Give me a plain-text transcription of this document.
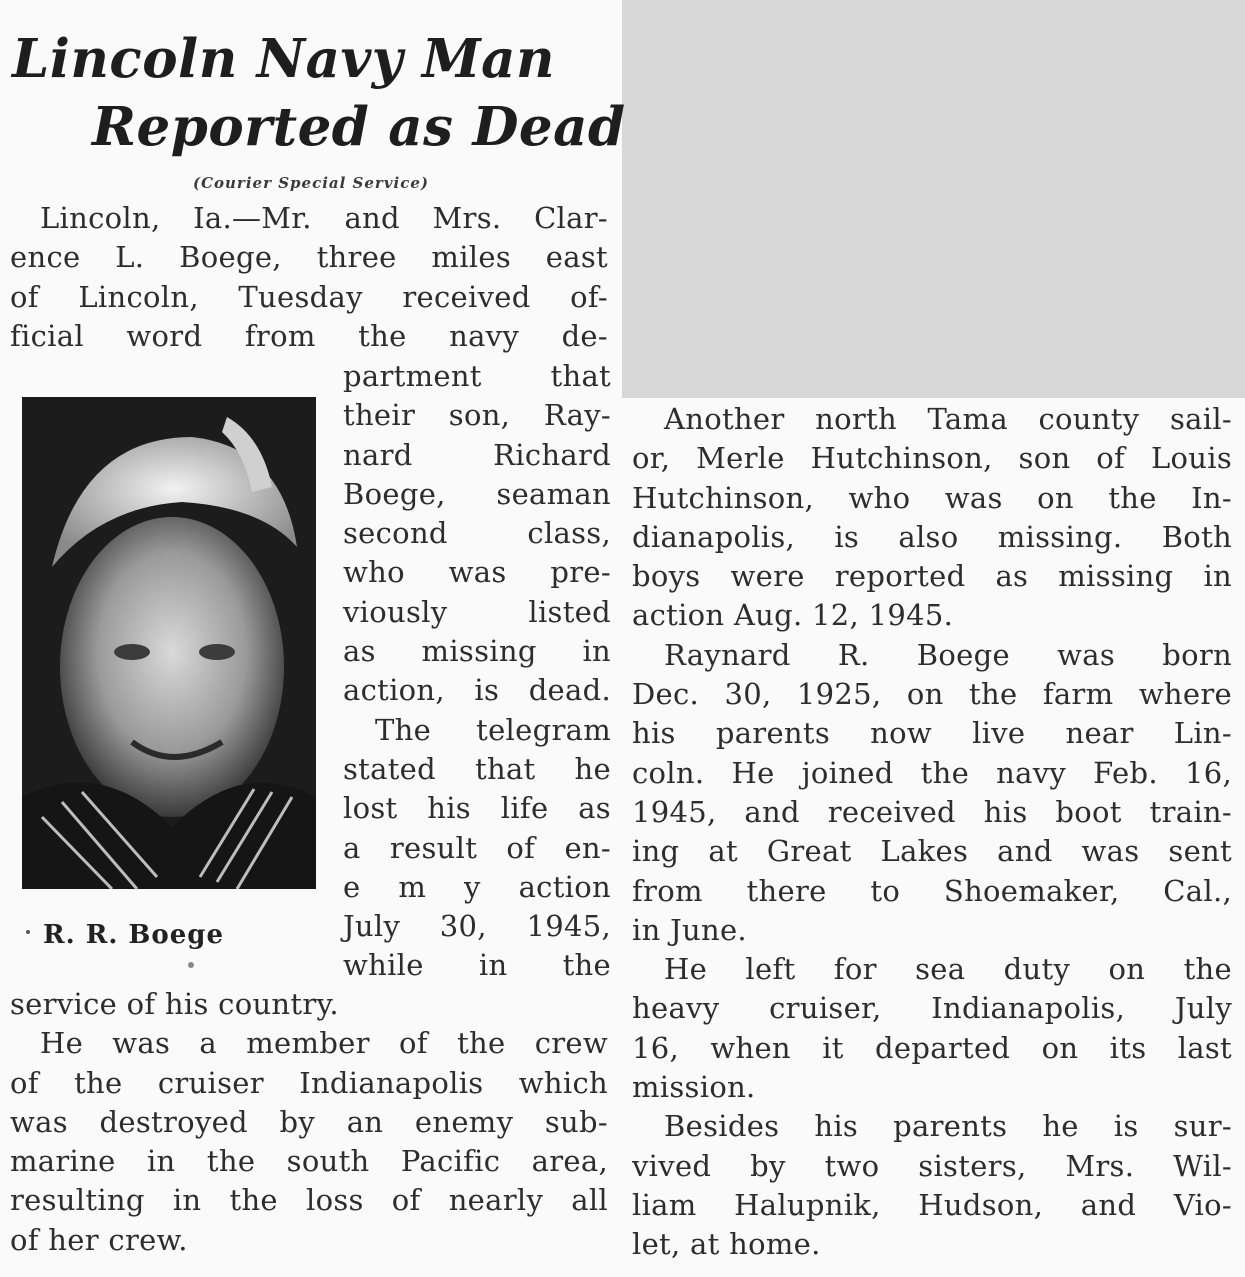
Lincoln Navy Man
Reported as Dead
(Courier Special Service)
Lincoln, Ia.—Mr. and Mrs. Clar-
ence L. Boege, three miles east
of Lincoln, Tuesday received of-
ficial word from the navy de-
R. R. Boege
partment that
their son, Ray-
nard Richard
Boege, seaman
second class,
who was pre-
viously listed
as missing in
action, is dead.
The telegram
stated that he
lost his life as
a result of en-
e m y action
July 30, 1945,
while in the
service of his country.
He was a member of the crew
of the cruiser Indianapolis which
was destroyed by an enemy sub-
marine in the south Pacific area,
resulting in the loss of nearly all
of her crew.
Another north Tama county sail-
or, Merle Hutchinson, son of Louis
Hutchinson, who was on the In-
dianapolis, is also missing. Both
boys were reported as missing in
action Aug. 12, 1945.
Raynard R. Boege was born
Dec. 30, 1925, on the farm where
his parents now live near Lin-
coln. He joined the navy Feb. 16,
1945, and received his boot train-
ing at Great Lakes and was sent
from there to Shoemaker, Cal.,
in June.
He left for sea duty on the
heavy cruiser, Indianapolis, July
16, when it departed on its last
mission.
Besides his parents he is sur-
vived by two sisters, Mrs. Wil-
liam Halupnik, Hudson, and Vio-
let, at home.
